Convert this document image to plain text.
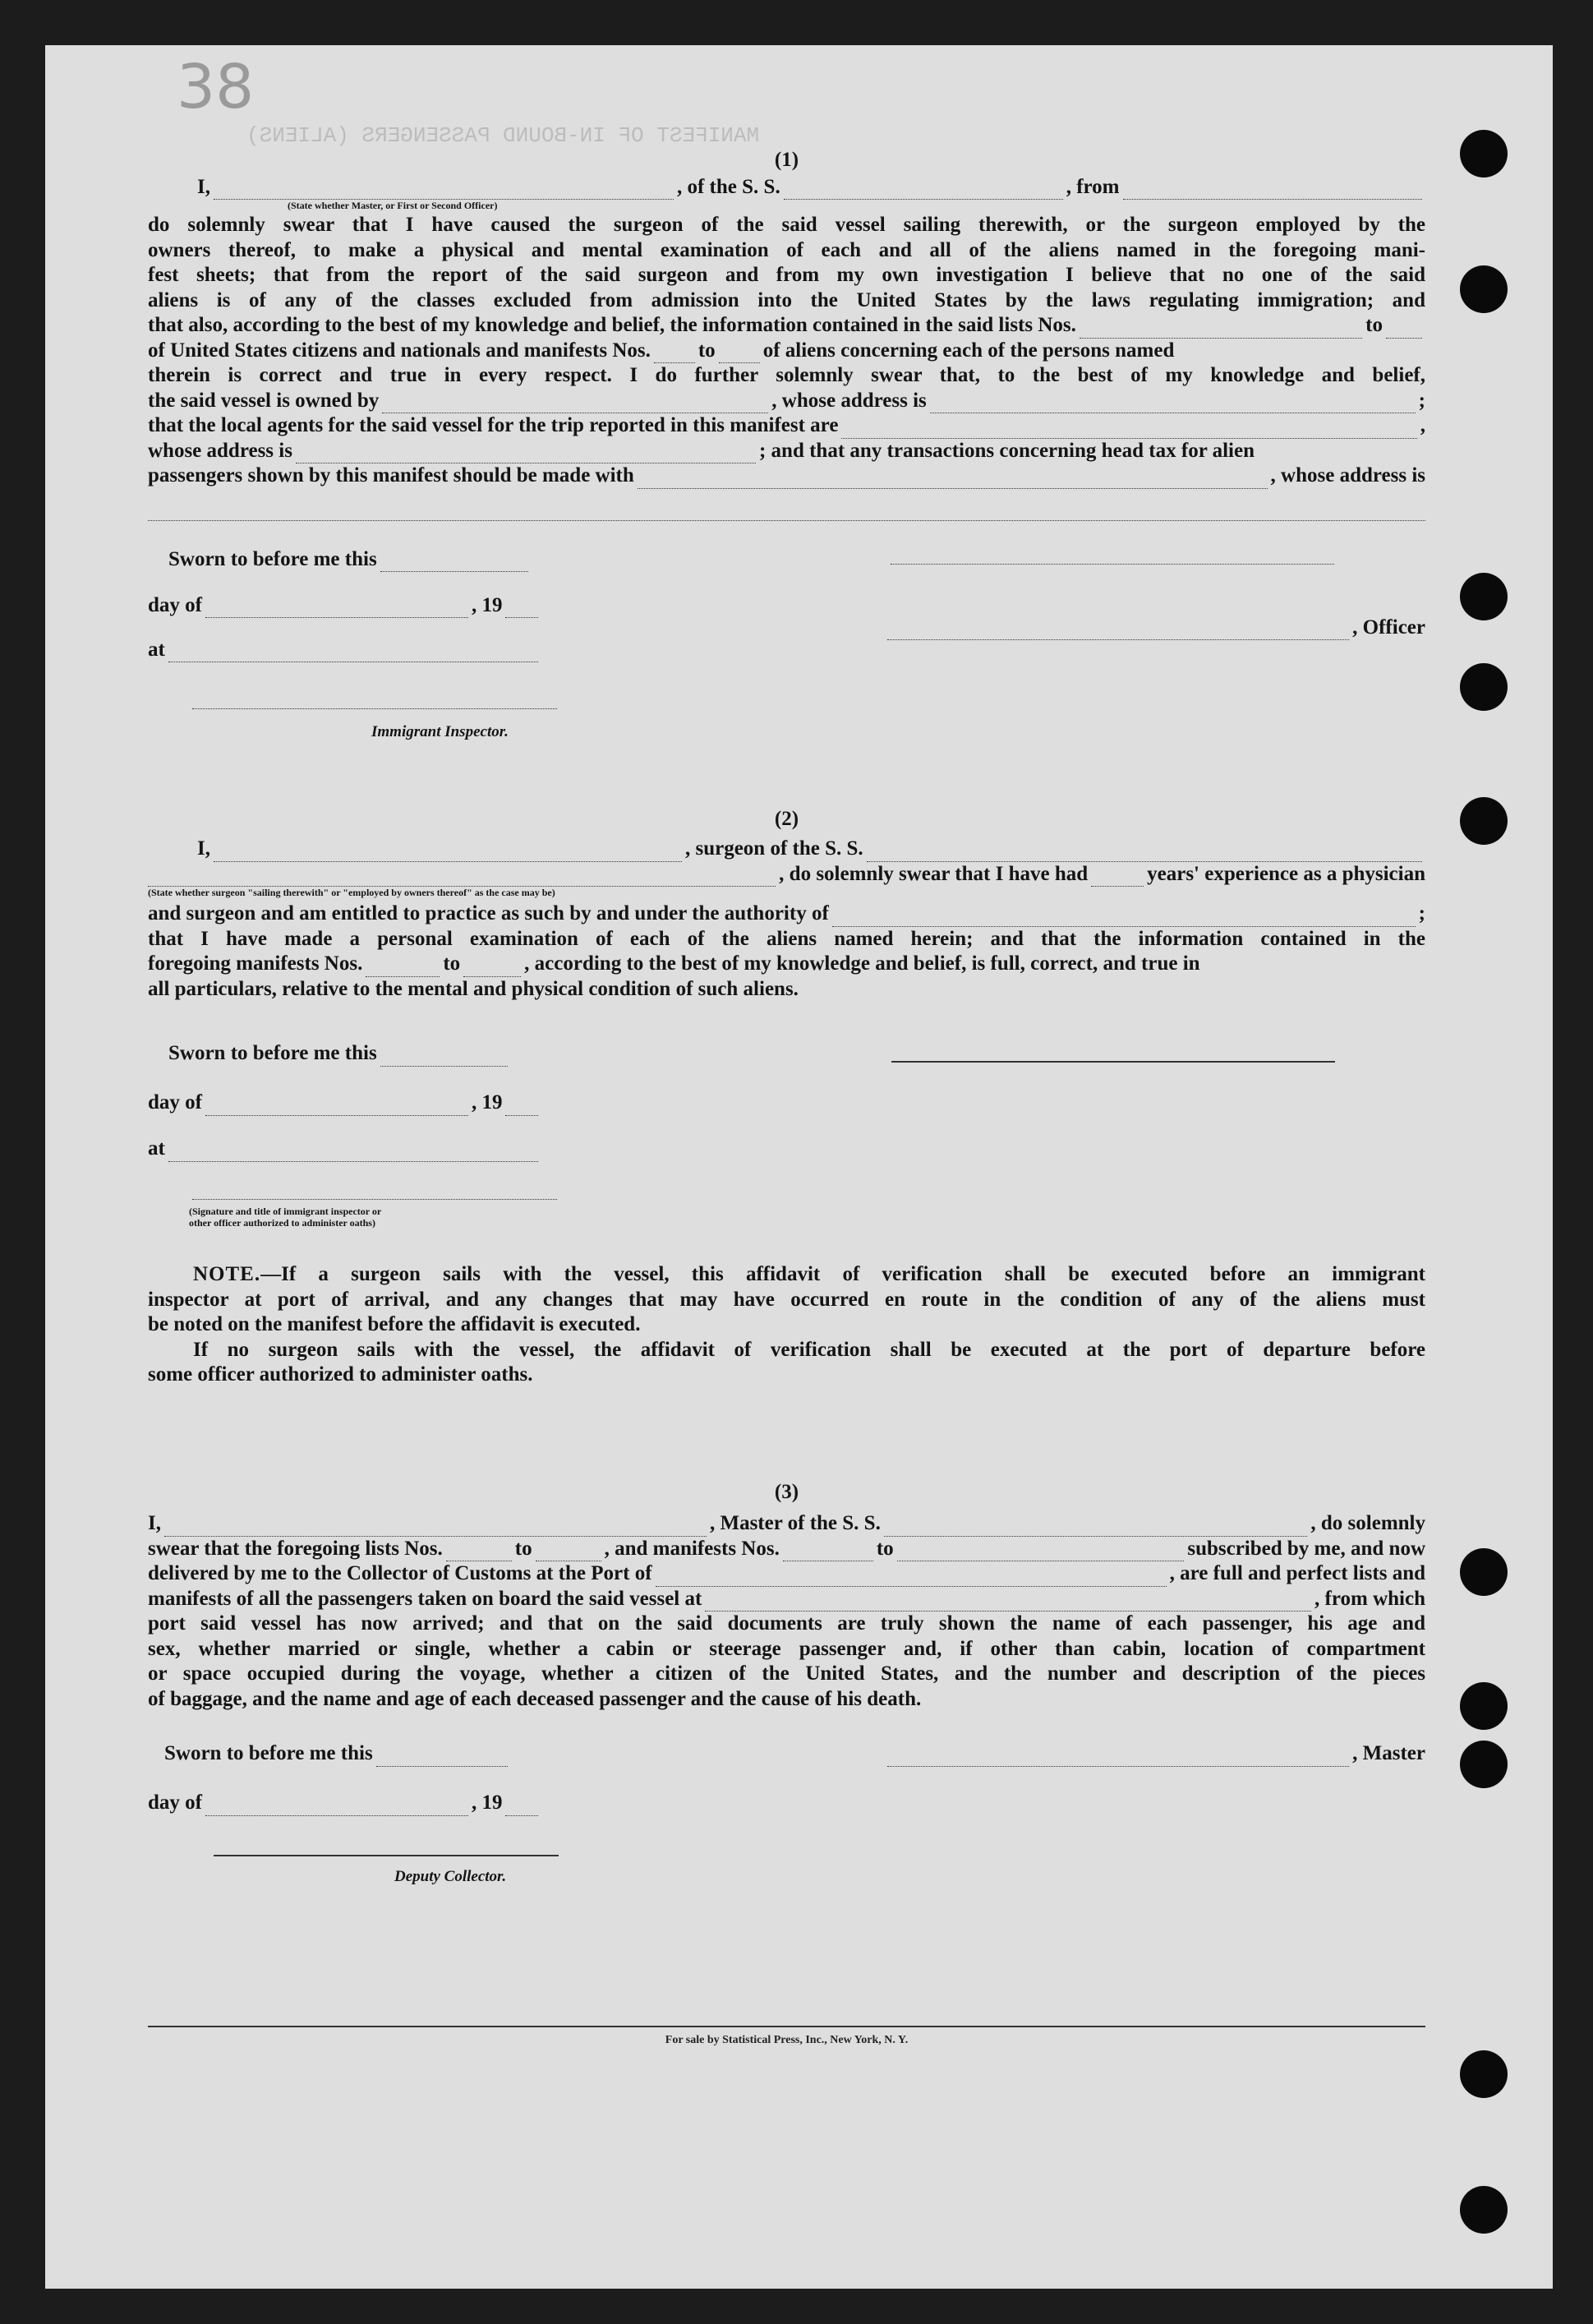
38
MANIFEST OF IN-BOUND PASSENGERS (ALIENS)

(1)

I,	, of the S. S.	, from
(State whether Master, or First or Second Officer)
do solemnly swear that I have caused the surgeon of the said vessel sailing therewith, or the surgeon employed by the
owners thereof, to make a physical and mental examination of each and all of the aliens named in the foregoing mani-
fest sheets; that from the report of the said surgeon and from my own investigation I believe that no one of the said
aliens is of any of the classes excluded from admission into the United States by the laws regulating immigration; and
that also, according to the best of my knowledge and belief, the information contained in the said lists Nos.	to
of United States citizens and nationals and manifests Nos. to of aliens concerning each of the persons named
therein is correct and true in every respect. I do further solemnly swear that, to the best of my knowledge and belief,
the said vessel is owned by	, whose address is	;
that the local agents for the said vessel for the trip reported in this manifest are	,
whose address is	; and that any transactions concerning head tax for alien
passengers shown by this manifest should be made with	, whose address is
Sworn to before me this
day of	, 19
at
Immigrant Inspector.
, Officer

(2)

I,	, surgeon of the S. S.
, do solemnly swear that I have had	years' experience as a physician
(State whether surgeon "sailing therewith" or "employed by owners thereof" as the case may be)
and surgeon and am entitled to practice as such by and under the authority of	;
that I have made a personal examination of each of the aliens named herein; and that the information contained in the
foregoing manifests Nos.	to	, according to the best of my knowledge and belief, is full, correct, and true in
all particulars, relative to the mental and physical condition of such aliens.
Sworn to before me this
day of	, 19
at
(Signature and title of immigrant inspector or
other officer authorized to administer oaths)
NOTE.—If a surgeon sails with the vessel, this affidavit of verification shall be executed before an immigrant
inspector at port of arrival, and any changes that may have occurred en route in the condition of any of the aliens must
be noted on the manifest before the affidavit is executed.
If no surgeon sails with the vessel, the affidavit of verification shall be executed at the port of departure before
some officer authorized to administer oaths.

(3)

I,	, Master of the S. S.	, do solemnly
swear that the foregoing lists Nos.	to	, and manifests Nos.	to	subscribed by me, and now
delivered by me to the Collector of Customs at the Port of	, are full and perfect lists and
manifests of all the passengers taken on board the said vessel at	, from which
port said vessel has now arrived; and that on the said documents are truly shown the name of each passenger, his age and
sex, whether married or single, whether a cabin or steerage passenger and, if other than cabin, location of compartment
or space occupied during the voyage, whether a citizen of the United States, and the number and description of the pieces
of baggage, and the name and age of each deceased passenger and the cause of his death.
Sworn to before me this
day of	, 19
Deputy Collector.
, Master
For sale by Statistical Press, Inc., New York, N. Y.
